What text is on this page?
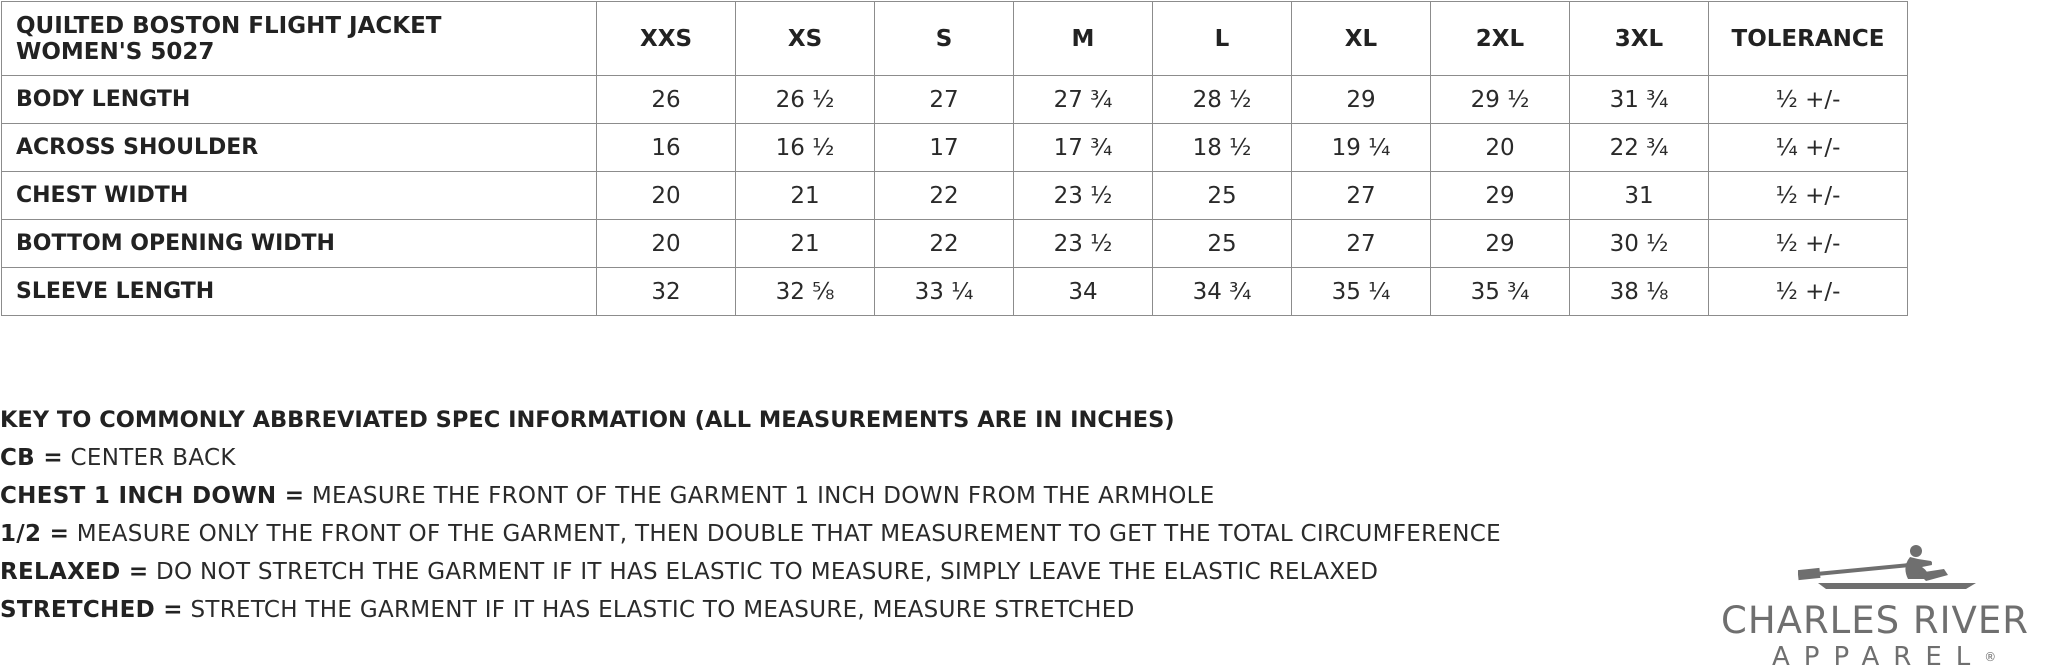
QUILTED BOSTON FLIGHT JACKET
WOMEN'S 5027	XXS	XS	S	M	L	XL	2XL	3XL	TOLERANCE
BODY LENGTH	26	26 ½	27	27 ¾	28 ½	29	29 ½	31 ¾	½ +/-
ACROSS SHOULDER	16	16 ½	17	17 ¾	18 ½	19 ¼	20	22 ¾	¼ +/-
CHEST WIDTH	20	21	22	23 ½	25	27	29	31	½ +/-
BOTTOM OPENING WIDTH	20	21	22	23 ½	25	27	29	30 ½	½ +/-
SLEEVE LENGTH	32	32 ⅝	33 ¼	34	34 ¾	35 ¼	35 ¾	38 ⅛	½ +/-
KEY TO COMMONLY ABBREVIATED SPEC INFORMATION (ALL MEASUREMENTS ARE IN INCHES)
CB = CENTER BACK
CHEST 1 INCH DOWN = MEASURE THE FRONT OF THE GARMENT 1 INCH DOWN FROM THE ARMHOLE
1/2 = MEASURE ONLY THE FRONT OF THE GARMENT, THEN DOUBLE THAT MEASUREMENT TO GET THE TOTAL CIRCUMFERENCE
RELAXED = DO NOT STRETCH THE GARMENT IF IT HAS ELASTIC TO MEASURE, SIMPLY LEAVE THE ELASTIC RELAXED
STRETCHED = STRETCH THE GARMENT IF IT HAS ELASTIC TO MEASURE, MEASURE STRETCHED	CHARLES RIVER
APPAREL®
